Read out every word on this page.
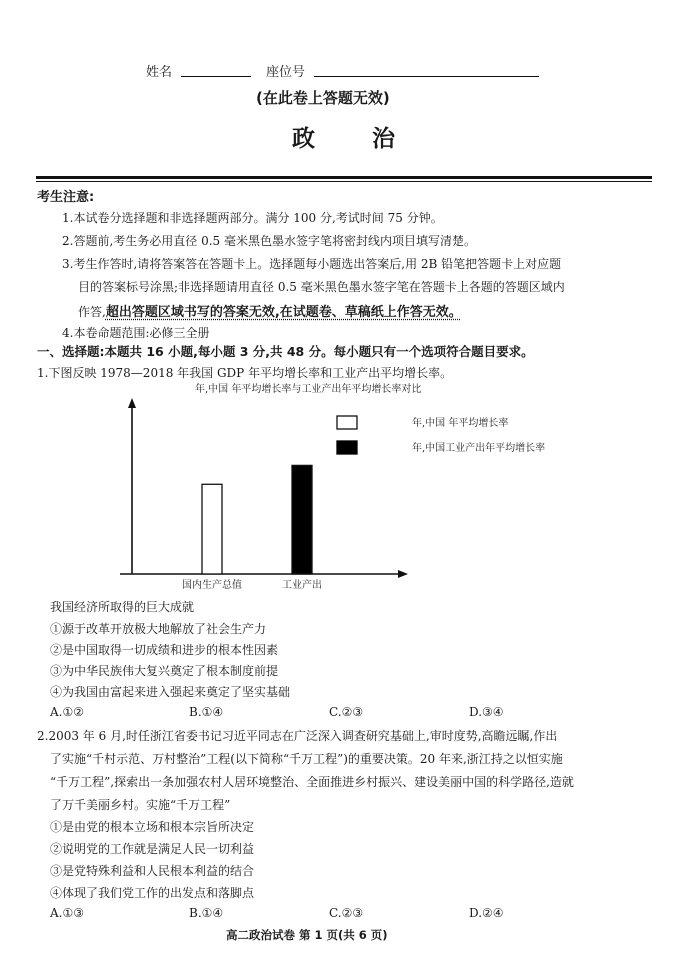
姓名	座位号
(在此卷上答题无效)
政 治
考生注意:
1.本试卷分选择题和非选择题两部分。满分 100 分,考试时间 75 分钟。
2.答题前,考生务必用直径 0.5 毫米黑色墨水签字笔将密封线内项目填写清楚。
3.考生作答时,请将答案答在答题卡上。选择题每小题选出答案后,用 2B 铅笔把答题卡上对应题
目的答案标号涂黑;非选择题请用直径 0.5 毫米黑色墨水签字笔在答题卡上各题的答题区域内
作答,超出答题区域书写的答案无效,在试题卷、草稿纸上作答无效。
4.本卷命题范围:必修三全册
一、选择题:本题共 16 小题,每小题 3 分,共 48 分。每小题只有一个选项符合题目要求。
1.下图反映 1978—2018 年我国 GDP 年平均增长率和工业产出平均增长率。
年,中国 年平均增长率与工业产出年平均增长率对比
国内生产总值	工业产出
年,中国 年平均增长率
年,中国工业产出年平均增长率
我国经济所取得的巨大成就
①源于改革开放极大地解放了社会生产力
②是中国取得一切成绩和进步的根本性因素
③为中华民族伟大复兴奠定了根本制度前提
④为我国由富起来进入强起来奠定了坚实基础
A.①②	B.①④	C.②③	D.③④
2.2003 年 6 月,时任浙江省委书记习近平同志在广泛深入调查研究基础上,审时度势,高瞻远瞩,作出
了实施“千村示范、万村整治”工程(以下简称“千万工程”)的重要决策。20 年来,浙江持之以恒实施
“千万工程”,探索出一条加强农村人居环境整治、全面推进乡村振兴、建设美丽中国的科学路径,造就
了万千美丽乡村。实施“千万工程”
①是由党的根本立场和根本宗旨所决定
②说明党的工作就是满足人民一切利益
③是党特殊利益和人民根本利益的结合
④体现了我们党工作的出发点和落脚点
A.①③	B.①④	C.②③	D.②④
高二政治试卷 第 1 页(共 6 页)
